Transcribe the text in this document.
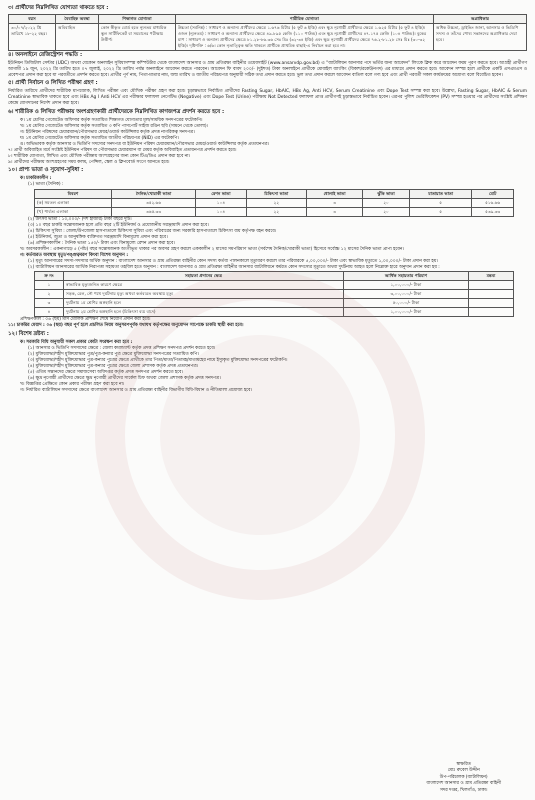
৩। প্রার্থীদের নিম্নলিখিত যোগ্যতা থাকতে হবে :
বয়স	বৈবাহিক অবস্থা	শিক্ষাগত যোগ্যতা	শারীরিক যোগ্যতা	অগ্রাধিকার
৩০/০৭/২০২২ খ্রি তারিখে ১৮-২২ বছর।	অবিবাহিত	কোন স্বীকৃত বোর্ড হতে ন্যূনতম মাধ্যমিক স্কুল সার্টিফিকেট বা সমমানের পরীক্ষায় উত্তীর্ণ।	উচ্চতা (সর্বনিম্ন) : সাধারণ ও অন্যান্য প্রার্থীদের ক্ষেত্রে ১.৬৭৬ মিটার (৫ ফুট ৬ ইঞ্চি) এবং ক্ষুদ্র নৃগোষ্ঠী প্রার্থীদের ক্ষেত্রে ১.৬২৫ মিটার (৫ ফুট ৪ ইঞ্চি)। ওজন (ন্যূনতম) : সাধারণ ও অন্যান্য প্রার্থীদের ক্ষেত্রে ৪৯.৮৯৫ কেজি (১১০ পাউন্ড) এবং ক্ষুদ্র নৃগোষ্ঠী প্রার্থীদের ৪৭.১৭৫ কেজি (১০৪ পাউন্ড)। বুকের মাপ : সাধারণ ও অন্যান্য প্রার্থীদের ক্ষেত্রে ৮১.২৮-৮৬.৩৬ সেঃ মিঃ (৩২-৩৪ ইঞ্চি) এবং ক্ষুদ্র নৃগোষ্ঠী প্রার্থীদের ক্ষেত্রে ৭৬.২-৮১.২৮ সেঃ মিঃ (৩০-৩২ ইঞ্চি)। দৃষ্টিশক্তি : ৬/৬। কোন নৃতাত্ত্বিক ক্ষতি থাকলে প্রার্থীকে প্রাথমিক বাছাই-এ নির্বাচন করা হবে না।	অধিক উচ্চতা, ড্রাইভিং জানা, আনসার ও ভিডিপি সদস্য ও তাঁদের পোষ্য সন্তানদের অগ্রাধিকার দেয়া হবে।
৪। অনলাইনে রেজিস্ট্রেশন পদ্ধতি :

ইউনিয়ন ডিজিটাল সেন্টার (UDC) অথবা যেকোন অনলাইন সুবিধাসম্পন্ন কম্পিউটার থেকে বাংলাদেশ আনসার ও গ্রাম প্রতিরক্ষা বাহিনীর ওয়েবসাইট (www.ansarvdp.gov.bd) এ "ব্যাটালিয়ন আনসার পদে ভর্তির জন্য আবেদন" লিংকে ক্লিক করে আবেদন ফরম পূরণ করতে হবে। আগ্রহী প্রার্থীগণ আগামী ১৯ জুন, ২০২২ খ্রি তারিখ হতে ০৭ জুলাই, ২০২২ খ্রি তারিখ পর্যন্ত অনলাইনে আবেদন করতে পারবেন। আবেদন ফি বাবদ ২০০/- (দুইশত) টাকা অনলাইনে প্রার্থীকে মোবাইল ব্যাংকিং (বিকাশ/রকেট/নগদ) এর মাধ্যমে প্রদান করতে হবে। আবেদন সম্পন্ন হলে প্রার্থীকে একটি এসএমএস ও প্রবেশপত্র প্রদান করা হবে যা পরবর্তীতে প্রদর্শন করতে হবে। প্রার্থীর পূর্ণ নাম, পিতা-মাতার নাম, জন্ম তারিখ ও জাতীয় পরিচয়পত্র অনুযায়ী সঠিক তথ্য প্রদান করতে হবে। ভুল তথ্য প্রদান করলে আবেদন বাতিল বলে গণ্য হবে এবং প্রার্থী পরবর্তী সকল কার্যক্রমের অযোগ্য বলে বিবেচিত হবেন।

৫। প্রার্থী নির্বাচন ও লিখিত পরীক্ষা গ্রহণ :

নির্ধারিত তারিখে প্রার্থীদের শারীরিক মাপজোক, লিখিত পরীক্ষা এবং মৌখিক পরীক্ষা গ্রহণ করা হবে। চূড়ান্তভাবে নির্বাচিত প্রার্থীদের Fasting Sugar, HbAIC, HBs Ag, Anti HCV, Serum Creatinine এবং Dope Test সম্পন্ন করা হবে। উল্লেখ্য, Fasting Sugar, HbAIC & Serum Creatinine স্বাভাবিক থাকতে হবে এবং HBs Ag I Anti HCV এর পরীক্ষার ফলাফল নেগেটিভ (Negative) এবং Dope Test (Urine) পরীক্ষায় Not Detected ফলাফল প্রাপ্ত প্রার্থীগণই চূড়ান্তভাবে নির্বাচিত হবেন। এরপর পুলিশ ভেরিফিকেশন (PV) সম্পন্ন হওয়ার পর প্রার্থীদের সংশ্লিষ্ট প্রশিক্ষণ কেন্দ্রে যোগদানের নির্দেশ প্রদান করা হবে।

৬। শারীরিক ও লিখিত পরীক্ষায় অংশগ্রহণকারী প্রার্থীদেরকে নিম্নলিখিত কাগজপত্র প্রদর্শন করতে হবে :

ক। ১ম শ্রেণির গেজেটেড অফিসার কর্তৃক সত্যায়িত শিক্ষাগত যোগ্যতার মূল/সাময়িক সনদপত্রের ফটোকপি।

খ। ১ম শ্রেণির গেজেটেড অফিসার কর্তৃক সত্যায়িত ৩ কপি পাসপোর্ট সাইজ রঙিন ছবি (সামনে থেকে তোলা)।

গ। ইউনিয়ন পরিষদের চেয়ারম্যান/পৌরসভার মেয়র/ওয়ার্ড কাউন্সিলর কর্তৃক প্রদত্ত নাগরিকত্ব সনদপত্র।

ঘ। ১ম শ্রেণির গেজেটেড অফিসার কর্তৃক সত্যায়িত জাতীয় পরিচয়পত্র (NID) এর ফটোকপি।

ঙ। অভিভাবক কর্তৃক আনসার ও ভিডিপি সদস্যের সনদপত্র বা ইউনিয়ন পরিষদ চেয়ারম্যান/পৌরসভার মেয়র/ওয়ার্ড কাউন্সিলর কর্তৃক প্রত্যয়নপত্র।

৭। প্রার্থী অবিবাহিত মর্মে সংশ্লিষ্ট ইউনিয়ন পরিষদ বা পৌরসভার চেয়ারম্যান বা মেয়র কর্তৃক অবিবাহিত প্রত্যয়নপত্র প্রদর্শন করতে হবে।

৮। শারীরিক যোগ্যতা, লিখিত এবং মৌখিক পরীক্ষায় অংশগ্রহণের জন্য কোন টিএ/ডিএ প্রদান করা হবে না।

৯। প্রার্থীদের পরীক্ষায় অংশগ্রহণের সময় কলম, পেন্সিল, স্কেল ও ক্লিপবোর্ড সংগে আনতে হবে।

১০। প্রাপ্য ভাতা ও সুযোগ-সুবিধা :

ক। চাকরিকালীন :

(১) ভাতা (দৈনিক) :

বিবরণ	দৈনিক/খোরাকী ভাতা	রেশন ভাতা	চিকিৎসা ভাতা	ধোলাই ভাতা	ঝুঁকি ভাতা	যাতায়াত ভাতা	মোট
(ক) সমতল এলাকা	৩৫২.৬৬	১০৪	২২	৩	২০	৫	৫১৬.৬৬
(খ) পার্বত্য এলাকা	৩৬৫.৩৩	১০৪	২২	৩	২০	৫	৫৩৯.৩৩

(২) উৎসব ভাতা : ১০,০০০/- (দশ হাজার) টাকা বছরে দুটি।

(৩) ১০ বছর চাকরি সন্তোষজনক হলে প্রতি বছর ২টি ইউনিফর্ম ও প্রয়োজনীয় সরঞ্জামাদি প্রদান করা হবে।

(৪) চিকিৎসা সুবিধা : জেলা/উপজেলা হাসপাতালে চিকিৎসা সুবিধা এবং পরিবারের জন্য সরকারি হাসপাতালে চিকিৎসা ব্যয় কর্তৃপক্ষ বহন করবে।

(৫) ইউনিফর্ম, জুতা ও আনুষঙ্গিক ব্যক্তিগত সরঞ্জামাদি বিনামূল্যে প্রদান করা হবে।

(৬) প্রশিক্ষণকালীন : দৈনিক ভাতা ১৫০/- টাকা এবং বিনামূল্যে রেশন প্রদান করা হবে।

খ। অবসরকালীন : একনাগাড়ে ৫ (পাঁচ) বছর সন্তোষজনক অংগীভূত থাকার পর অবসর গ্রহণ করলে এককালীন ২ মাসের সমপরিমাণ ভাতা (সর্বশেষ দৈনিক/খোরাকী ভাতা) হিসেবে সর্বোচ্চ ১২ মাসের দৈনিক ভাতা প্রাপ্য হবেন।

গ। কর্তব্যরত অবস্থায় মৃত্যু/পঙ্গুত্ববরণ কিংবা বিশেষ অনুদান :

(১) মৃত্যু আনসারের সদস্য-সদস্যার অর্থিক অনুদান : বাংলাদেশ আনসার ও গ্রাম প্রতিরক্ষা বাহিনীর কোন সদস্য কর্তব্য পালনকালে মৃত্যুবরণ করলে তার পরিবারকে ৫,০০,০০০/- টাকা এবং স্বাভাবিক মৃত্যুতে ১,০০,০০০/- টাকা প্রদান করা হয়।

(২) ব্যাটালিয়ন আনসারের আর্থিক নিরাপত্তা সহায়তা তহবিল হতে অনুদান : বাংলাদেশ আনসার ও গ্রাম প্রতিরক্ষা বাহিনীর আনসার ব্যাটালিয়নে কর্মরত কোন সদস্যের মৃত্যুতে অথবা দুর্ঘটনায় আহত হলে নিম্নোক্ত হারে অনুদান প্রদান করা হয় :

ক্র নং	সহায়তা প্রদানের ক্ষেত্র	আর্থিক সহায়তার পরিমাণ	মন্তব্য
১	স্বাভাবিক মৃত্যুজনিত কারণে ক্ষেত্রে	১,০০,০০০/- টাকা	
২	সড়ক, রেল, নৌ পথে দুর্ঘটনায় মৃত্যু অথবা কর্তব্যরত অবস্থায় মৃত্যু	৩,০০,০০০/- টাকা	
৩	দুর্ঘটনায় ১ম শ্রেণির অঙ্গহানি হলে	৫০,০০০/- টাকা	
৪	দুর্ঘটনায় ২য় শ্রেণির অঙ্গহানি হলে (চিকিৎসা ব্যয় বাদে)	১,০০,০০০/- টাকা	

প্রশিক্ষণকাল : ০৬ (ছয়) মাস মৌলিক প্রশিক্ষণ শেষে নিয়োগ প্রদান করা হবে।

১১। চাকরির মেয়াদ : ০৬ (ছয়) বছর পূর্ণ হলে প্রচলিত নিয়ম অনুসরণপূর্বক যথাযথ কর্তৃপক্ষের অনুমোদন সাপেক্ষে চাকরি স্থায়ী করা হবে।

১২। বিশেষ দ্রষ্টব্য :

ক। সরকারি বিধি অনুযায়ী সকল প্রকার কোটা সংরক্ষণ করা হবে :

(১) আনসার ও ভিডিপি সদস্যদের ক্ষেত্রে : জেলা কমান্ড্যান্ট কর্তৃক প্রদত্ত প্রশিক্ষণ সনদপত্র প্রদর্শন করতে হবে।

(২) মুক্তিযোদ্ধা/শহীদ মুক্তিযোদ্ধার পুত্র/পুত্র-কন্যার পুত্র ক্ষেত্রে মুক্তিযোদ্ধা সনদপত্রের সত্যায়িত কপি।

(৩) মুক্তিযোদ্ধা/শহীদ মুক্তিযোদ্ধার পুত্র-কন্যার পুত্রের ক্ষেত্রে প্রার্থীকে তার পিতা/মাতা/পিতামহ/মাতামহের নামে ইস্যুকৃত মুক্তিযোদ্ধা সনদপত্রের ফটোকপি।

(৪) মুক্তিযোদ্ধা/শহীদ মুক্তিযোদ্ধার পুত্র-কন্যার পুত্রের ক্ষেত্রে জেলা প্রশাসক কর্তৃক প্রদত্ত প্রত্যয়নপত্র।

(৫) এতিম সন্তানদের ক্ষেত্রে সমাজসেবা অধিদপ্তর কর্তৃক প্রদত্ত সনদপত্র প্রদর্শন করতে হবে।

(৬) ক্ষুদ্র নৃগোষ্ঠী প্রার্থীদের ক্ষেত্রে ক্ষুদ্র নৃগোষ্ঠী প্রার্থীদের সার্কেল চিফ অথবা জেলা প্রশাসক কর্তৃক প্রদত্ত সনদপত্র।

খ। বিজ্ঞপ্তির প্রেক্ষিতে কোন প্রকার পরীক্ষা গ্রহণ করা হবে না।

গ। নির্ধারিত ব্যাটালিয়ন সদস্যদের ক্ষেত্রে বাংলাদেশ আনসার ও গ্রাম প্রতিরক্ষা বাহিনীর বিভাগীয় বিধি-বিধান ও নীতিমালা প্রযোজ্য হবে।

স্বাক্ষরিত
মোঃ রুবেল উদ্দীন
উপ-পরিচালক (ব্যাটালিয়ন)
বাংলাদেশ আনসার ও গ্রাম প্রতিরক্ষা বাহিনী
সদর দপ্তর, খিলগাঁও, ঢাকা।
